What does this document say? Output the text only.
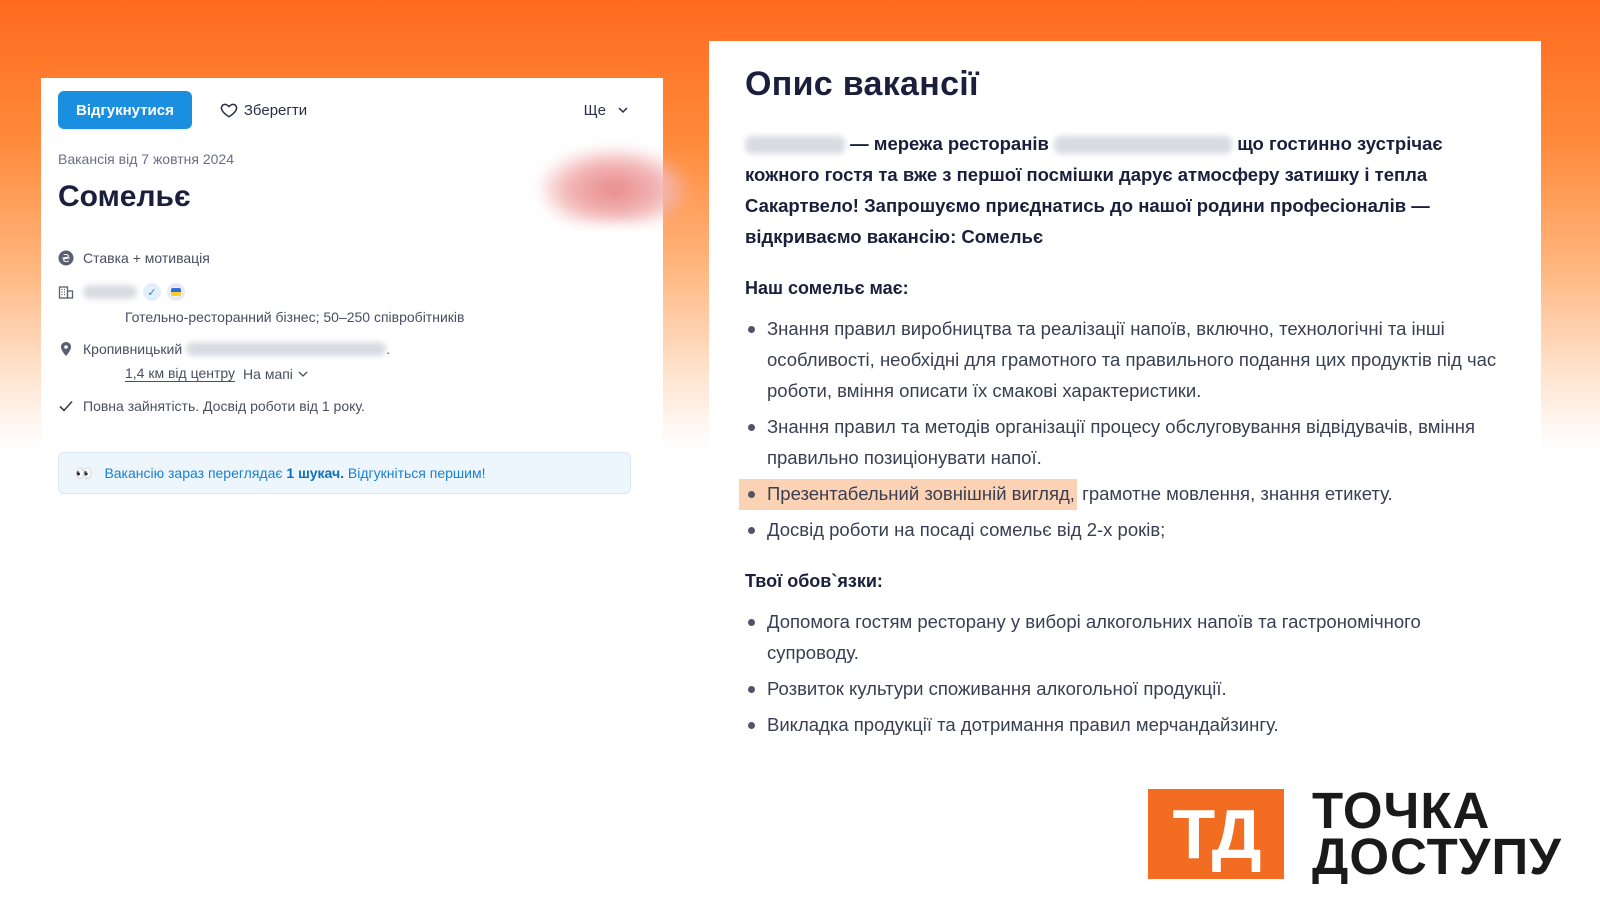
Відгукнутися	Зберегти	Ще
Вакансія від 7 жовтня 2024
Сомельє
₴ Ставка + мотивація
✓
Готельно-ресторанний бізнес; 50–250 співробітників
Кропивницький	.
1,4 км від центру На мапі
Повна зайнятість. Досвід роботи від 1 року.
👀 Вакансію зараз переглядає 1 шукач. Відгукніться першим!
Опис вакансії
— мережа ресторанів	що гостинно зустрічає кожного гостя та вже з першої посмішки дарує атмосферу затишку і тепла Сакартвело! Запрошуємо приєднатись до нашої родини професіоналів — відкриваємо вакансію: Сомельє
Наш сомельє має:
Знання правил виробництва та реалізації напоїв, включно, технологічні та інші особливості, необхідні для грамотного та правильного подання цих продуктів під час роботи, вміння описати їх смакові характеристики.
Знання правил та методів організації процесу обслуговування відвідувачів, вміння правильно позиціонувати напої.
Презентабельний зовнішній вигляд, грамотне мовлення, знання етикету.
Досвід роботи на посаді сомельє від 2-х років;
Твої обов`язки:
Допомога гостям ресторану у виборі алкогольних напоїв та гастрономічного супроводу.
Розвиток культури споживання алкогольної продукції.
Викладка продукції та дотримання правил мерчандайзингу.
ТД	ТОЧКА
ДОСТУПУ
